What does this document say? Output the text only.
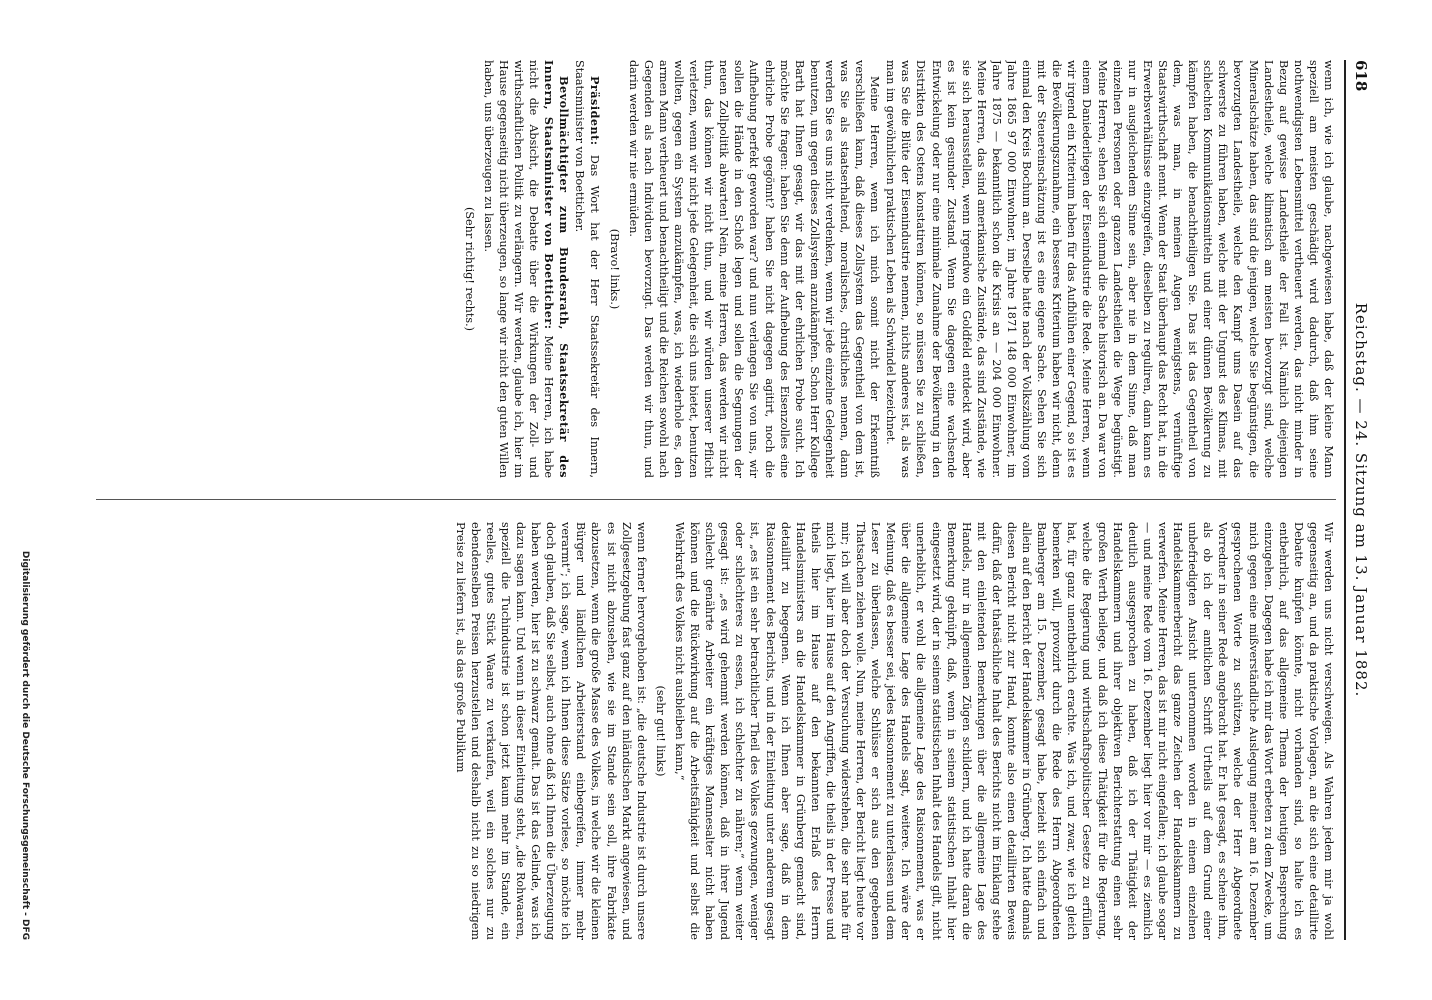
618
Reichstag. — 24. Sitzung am 13. Januar 1882.

wenn ich, wie ich glaube, nachgewiesen habe, daß der kleine Mann speziell am meisten geschädigt wird dadurch, daß ihm seine nothwendigsten Lebensmittel vertheuert werden, das nicht minder in Bezug auf gewisse Landestheile der Fall ist. Nämlich diejenigen Landestheile, welche klimatisch am meisten bevorzugt sind, welche Mineralschätze haben, das sind die jenigen, welche Sie begünstigen, die bevorzugten Landestheile, welche den Kampf ums Dasein auf das schwerste zu führen haben, welche mit der Ungunst des Klimas, mit schlechten Kommunikationsmitteln und einer dünnen Bevölkerung zu kämpfen haben, die benachtheiligen Sie. Das ist das Gegentheil von dem, was man, in meinen Augen wenigstens, vernünftige Staatswirthschaft nennt. Wenn der Staat überhaupt das Recht hat, in die Erwerbsverhältnisse einzugreifen, dieselben zu reguliren, dann kann es nur in ausgleichendem Sinne sein, aber nie in dem Sinne, daß man einzelnen Personen oder ganzen Landestheilen die Wege begünstigt. Meine Herren, sehen Sie sich einmal die Sache historisch an. Da war von einem Daniederliegen der Eisenindustrie die Rede. Meine Herren, wenn wir irgend ein Kriterium haben für das Aufblühen einer Gegend, so ist es die Bevölkerungszunahme, ein besseres Kriterium haben wir nicht, denn mit der Steuereinschätzung ist es eine eigene Sache. Sehen Sie sich einmal den Kreis Bochum an. Derselbe hatte nach der Volkszählung vom Jahre 1865 97 000 Einwohner, im Jahre 1871 148 000 Einwohner, im Jahre 1875 — bekanntlich schon die Krisis an — 204 000 Einwohner. Meine Herren, das sind amerikanische Zustände, das sind Zustände, wie sie sich herausstellen, wenn irgendwo ein Goldfeld entdeckt wird, aber es ist kein gesunder Zustand. Wenn Sie dagegen eine wachsende Entwickelung oder nur eine minimale Zunahme der Bevölkerung in den Distrikten des Ostens konstatiren können, so müssen Sie zu schließen, was Sie die Blüte der Eisenindustrie nennen, nichts anderes ist, als was man im gewöhnlichen praktischen Leben als Schwindel bezeichnet.

Meine Herren, wenn ich mich somit nicht der Erkenntniß verschließen kann, daß dieses Zollsystem das Gegentheil von dem ist, was Sie als staatserhaltend, moralisches, christliches nennen, dann werden Sie es uns nicht verdenken, wenn wir jede einzelne Gelegenheit benutzen, um gegen dieses Zollsystem anzukämpfen. Schon Herr Kollege Barth hat Ihnen gesagt, wir das mit der ehrlichen Probe sucht. Ich möchte Sie fragen: haben Sie denn der Aufhebung des Eisenzolles eine ehrliche Probe gegönnt? haben Sie nicht dagegen agitirt, noch die Aufhebung perfekt geworden war? und nun verlangen Sie von uns, wir sollen die Hände in den Schoß legen und sollen die Segnungen der neuen Zollpolitik abwarten! Nein, meine Herren, das werden wir nicht thun, das können wir nicht thun, und wir würden unserer Pflicht verletzen, wenn wir nicht jede Gelegenheit, die sich uns bietet, benutzen wollten, gegen ein System anzukämpfen, was, ich wiederhole es, den armen Mann vertheuert und benachtheiligt und die Reichen sowohl nach Gegenden als nach Individuen bevorzugt. Das werden wir thun, und darin werden wir nie ermüden.

(Bravo! links.)

Präsident: Das Wort hat der Herr Staatssekretär des Innern, Staatsminister von Boetticher.

Bevollmächtigter zum Bundesrath, Staatssekretär des Innern, Staatsminister von Boetticher: Meine Herren, ich habe nicht die Absicht, die Debatte über die Wirkungen der Zoll- und wirthschaftlichen Politik zu verlängern. Wir werden, glaube ich, hier im Hause gegenseitig nicht überzeugen, so lange wir nicht den guten Willen haben, uns überzeugen zu lassen.

(Sehr richtig! rechts.)

Wir werden uns nicht verschweigen. Als Wahren jedem mir ja wohl gegenseitig an, und da praktische Vorlagen, an die sich eine detaillirte Debatte knüpfen könnte, nicht vorhanden sind, so halte ich es entbehrlich, auf das allgemeine Thema der heutigen Besprechung einzugehen. Dagegen habe ich mir das Wort erbeten zu dem Zwecke, um mich gegen eine mißverständliche Auslegung meiner am 16. Dezember gesprochenen Worte zu schützen, welche der Herr Abgeordnete Vorredner in seiner Rede angebracht hat. Er hat gesagt, es scheine ihm, als ob ich der amtlichen Schrift Urtheils auf dem Grund einer unbefriedigten Ansicht unternommen worden in einem einzelnen Handelskammerbericht das ganze Zeichen der Handelskammern zu verwerfen. Meine Herren, das ist mir nicht eingefallen; ich glaube sogar — und meine Rede vom 16. Dezember liegt hier vor mir — es ziemlich deutlich ausgesprochen zu haben, daß ich der Thätigkeit der Handelskammern und ihrer objektiven Berichterstattung einen sehr großen Werth beilege, und daß ich diese Thätigkeit für die Regierung, welche die Regierung und wirthschaftspolitischer Gesetze zu erfüllen hat, für ganz unentbehrlich erachte. Was ich, und zwar, wie ich gleich bemerken will, provozirt durch die Rede des Herrn Abgeordneten Bamberger am 15. Dezember, gesagt habe, bezieht sich einfach und allein auf den Bericht der Handelskammer in Grünberg. Ich hatte damals diesen Bericht nicht zur Hand, konnte also einen detaillirten Beweis dafür, daß der thatsächliche Inhalt des Berichts nicht im Einklang stehe mit den einleitenden Bemerkungen über die allgemeine Lage des Handels, nur in allgemeinen Zügen schildern, und ich hatte daran die Bemerkung geknüpft, daß, wenn in seinem statistischen Inhalt hier eingesetzt wird, der in seinem statistischen Inhalt des Handels gilt, nicht unerheblich, er wohl die allgemeine Lage des Raisonnement, was er über die allgemeine Lage des Handels sagt, weitere. Ich wäre der Meinung, daß es besser sei, jedes Raisonnement zu unterlassen und dem Leser zu überlassen, welche Schlüsse er sich aus den gegebenen Thatsachen ziehen wolle. Nun, meine Herren, der Bericht liegt heute vor mir; ich will aber doch der Versuchung widerstehen, die sehr nahe für mich liegt, hier im Hause auf den Angriffen, die theils in der Presse und theils hier im Hause auf den bekannten Erlaß des Herrn Handelsministers an die Handelskammer in Grünberg gemacht sind, detaillirt zu begegnen. Wenn ich Ihnen aber sage, daß in dem Raisonnement des Berichts, und in der Einleitung unter anderem gesagt ist, „es ist ein sehr betrachtlicher Theil des Volkes gezwungen, weniger oder schlechteres zu essen, ich schlechter zu nähren;“ wenn weiter gesagt ist: „es wird gehemmt werden können, daß in ihrer Jugend schlecht genährte Arbeiter ein kräftiges Mannesalter nicht haben können und die Rückwirkung auf die Arbeitsfähigkeit und selbst die Wehrkraft des Volkes nicht ausbleiben kann,“

(sehr gut! links)

wenn ferner hervorgehoben ist: „die deutsche Industrie ist durch unsere Zollgesetzgebung fast ganz auf den inländischen Markt angewiesen, und es ist nicht abzusehen, wie sie im Stande sein soll, ihre Fabrikate abzusetzen, wenn die große Masse des Volkes, in welche wir die kleinen Bürger und ländlichen Arbeiterstand einbegreifen, immer mehr verarmt“; ich sage, wenn ich Ihnen diese Sätze vorlese, so möchte ich doch glauben, daß Sie selbst, auch ohne daß ich Ihnen die Überzeugung haben werden, hier ist zu schwarz gemalt. Das ist das Gelinde, was ich dazu sagen kann. Und wenn in dieser Einleitung steht, „die Rohwaaren, speziell die Tuchindustrie ist schon jetzt kaum mehr im Stande, ein reelles, gutes Stück Waare zu verkaufen, weil ein solches nur zu ebendenselben Preisen herzustellen und deshalb nicht zu so niedrigem Preise zu liefern ist, als das große Publikum

Digitalisierung gefördert durch die Deutsche Forschungsgemeinschaft - DFG
